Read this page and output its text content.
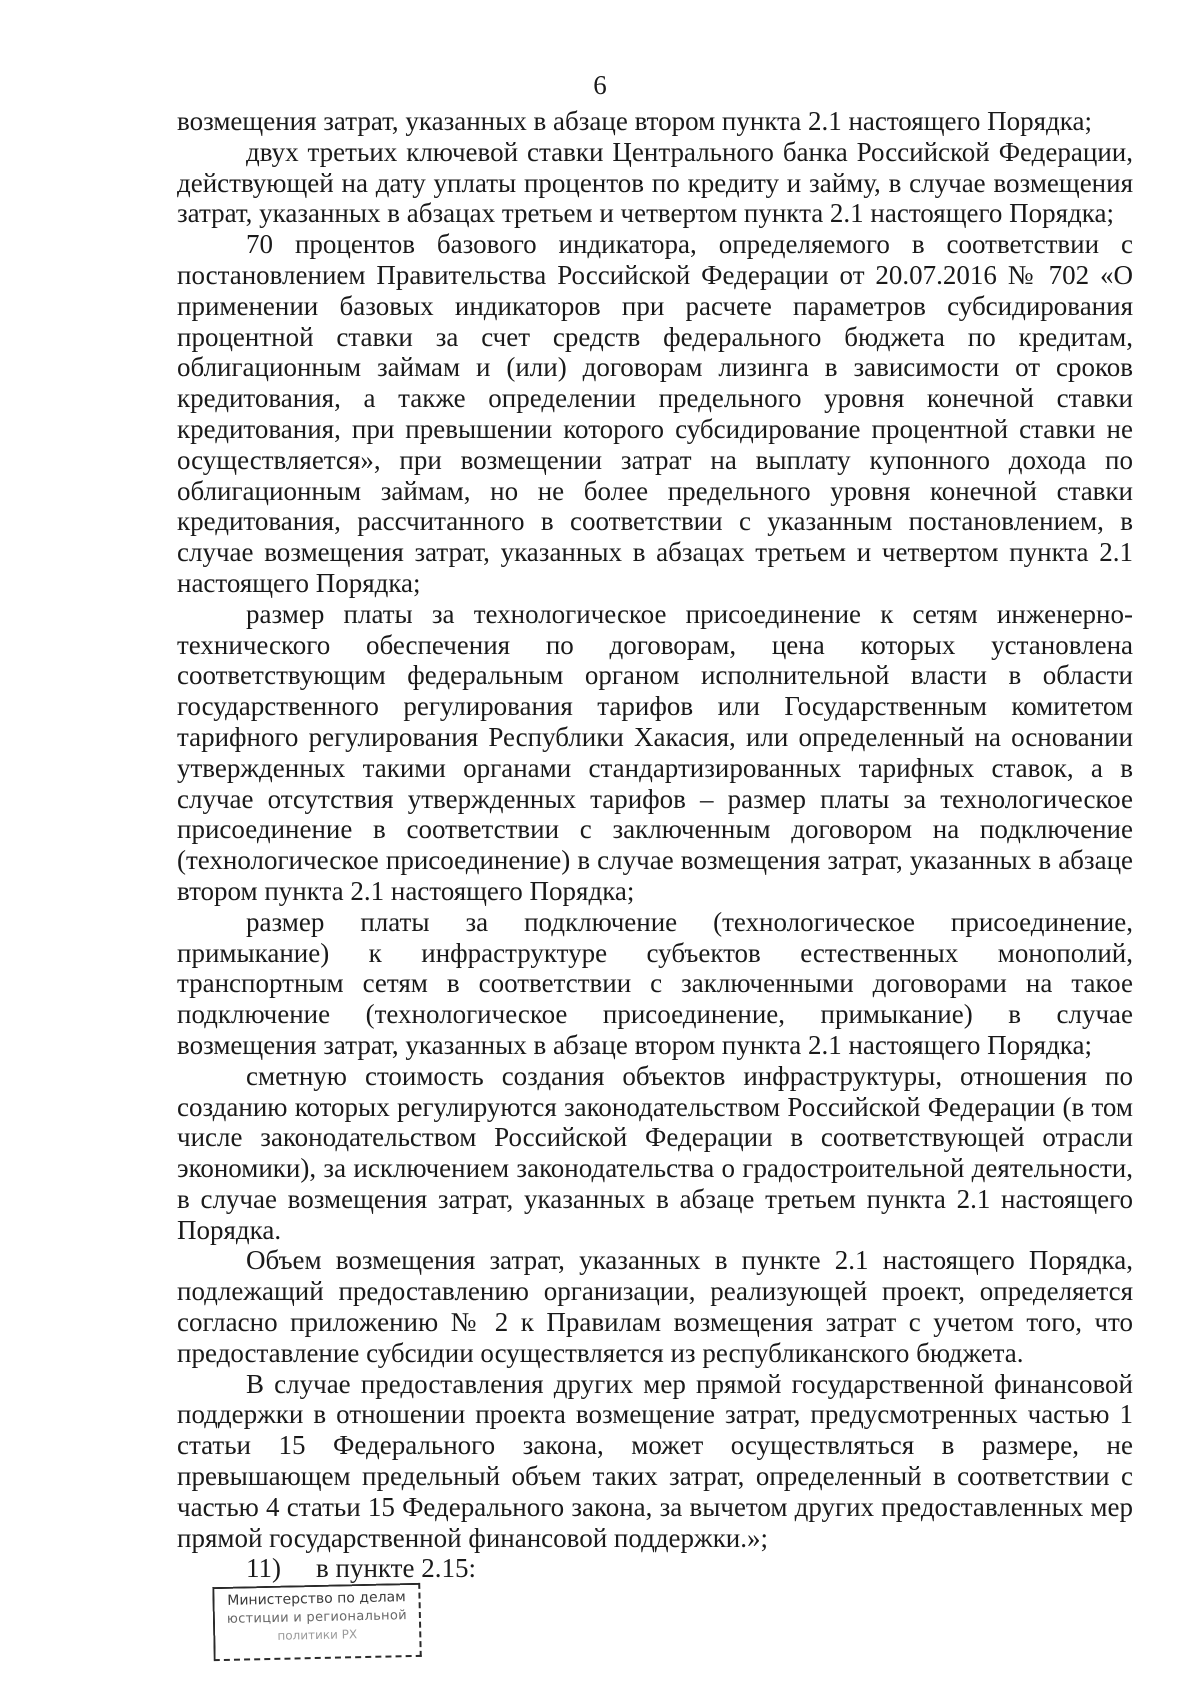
6

возмещения затрат, указанных в абзаце втором пункта 2.1 настоящего Порядка;

двух третьих ключевой ставки Центрального банка Российской Федерации, действующей на дату уплаты процентов по кредиту и займу, в случае возмещения затрат, указанных в абзацах третьем и четвертом пункта 2.1 настоящего Порядка;

70 процентов базового индикатора, определяемого в соответствии с постановлением Правительства Российской Федерации от 20.07.2016 № 702 «О применении базовых индикаторов при расчете параметров субсидирования процентной ставки за счет средств федерального бюджета по кредитам, облигационным займам и (или) договорам лизинга в зависимости от сроков кредитования, а также определении предельного уровня конечной ставки кредитования, при превышении которого субсидирование процентной ставки не осуществляется», при возмещении затрат на выплату купонного дохода по облигационным займам, но не более предельного уровня конечной ставки кредитования, рассчитанного в соответствии с указанным постановлением, в случае возмещения затрат, указанных в абзацах третьем и четвертом пункта 2.1 настоящего Порядка;

размер платы за технологическое присоединение к сетям инженерно-технического обеспечения по договорам, цена которых установлена соответствующим федеральным органом исполнительной власти в области государственного регулирования тарифов или Государственным комитетом тарифного регулирования Республики Хакасия, или определенный на основании утвержденных такими органами стандартизированных тарифных ставок, а в случае отсутствия утвержденных тарифов – размер платы за технологическое присоединение в соответствии с заключенным договором на подключение (технологическое присоединение) в случае возмещения затрат, указанных в абзаце втором пункта 2.1 настоящего Порядка;

размер платы за подключение (технологическое присоединение, примыкание) к инфраструктуре субъектов естественных монополий, транспортным сетям в соответствии с заключенными договорами на такое подключение (технологическое присоединение, примыкание) в случае возмещения затрат, указанных в абзаце втором пункта 2.1 настоящего Порядка;

сметную стоимость создания объектов инфраструктуры, отношения по созданию которых регулируются законодательством Российской Федерации (в том числе законодательством Российской Федерации в соответствующей отрасли экономики), за исключением законодательства о градостроительной деятельности, в случае возмещения затрат, указанных в абзаце третьем пункта 2.1 настоящего Порядка.

Объем возмещения затрат, указанных в пункте 2.1 настоящего Порядка, подлежащий предоставлению организации, реализующей проект, определяется согласно приложению № 2 к Правилам возмещения затрат с учетом того, что предоставление субсидии осуществляется из республиканского бюджета.

В случае предоставления других мер прямой государственной финансовой поддержки в отношении проекта возмещение затрат, предусмотренных частью 1 статьи 15 Федерального закона, может осуществляться в размере, не превышающем предельный объем таких затрат, определенный в соответствии с частью 4 статьи 15 Федерального закона, за вычетом других предоставленных мер прямой государственной финансовой поддержки.»;

11) в пункте 2.15:

Министерство по делам
юстиции и региональной
политики РХ
